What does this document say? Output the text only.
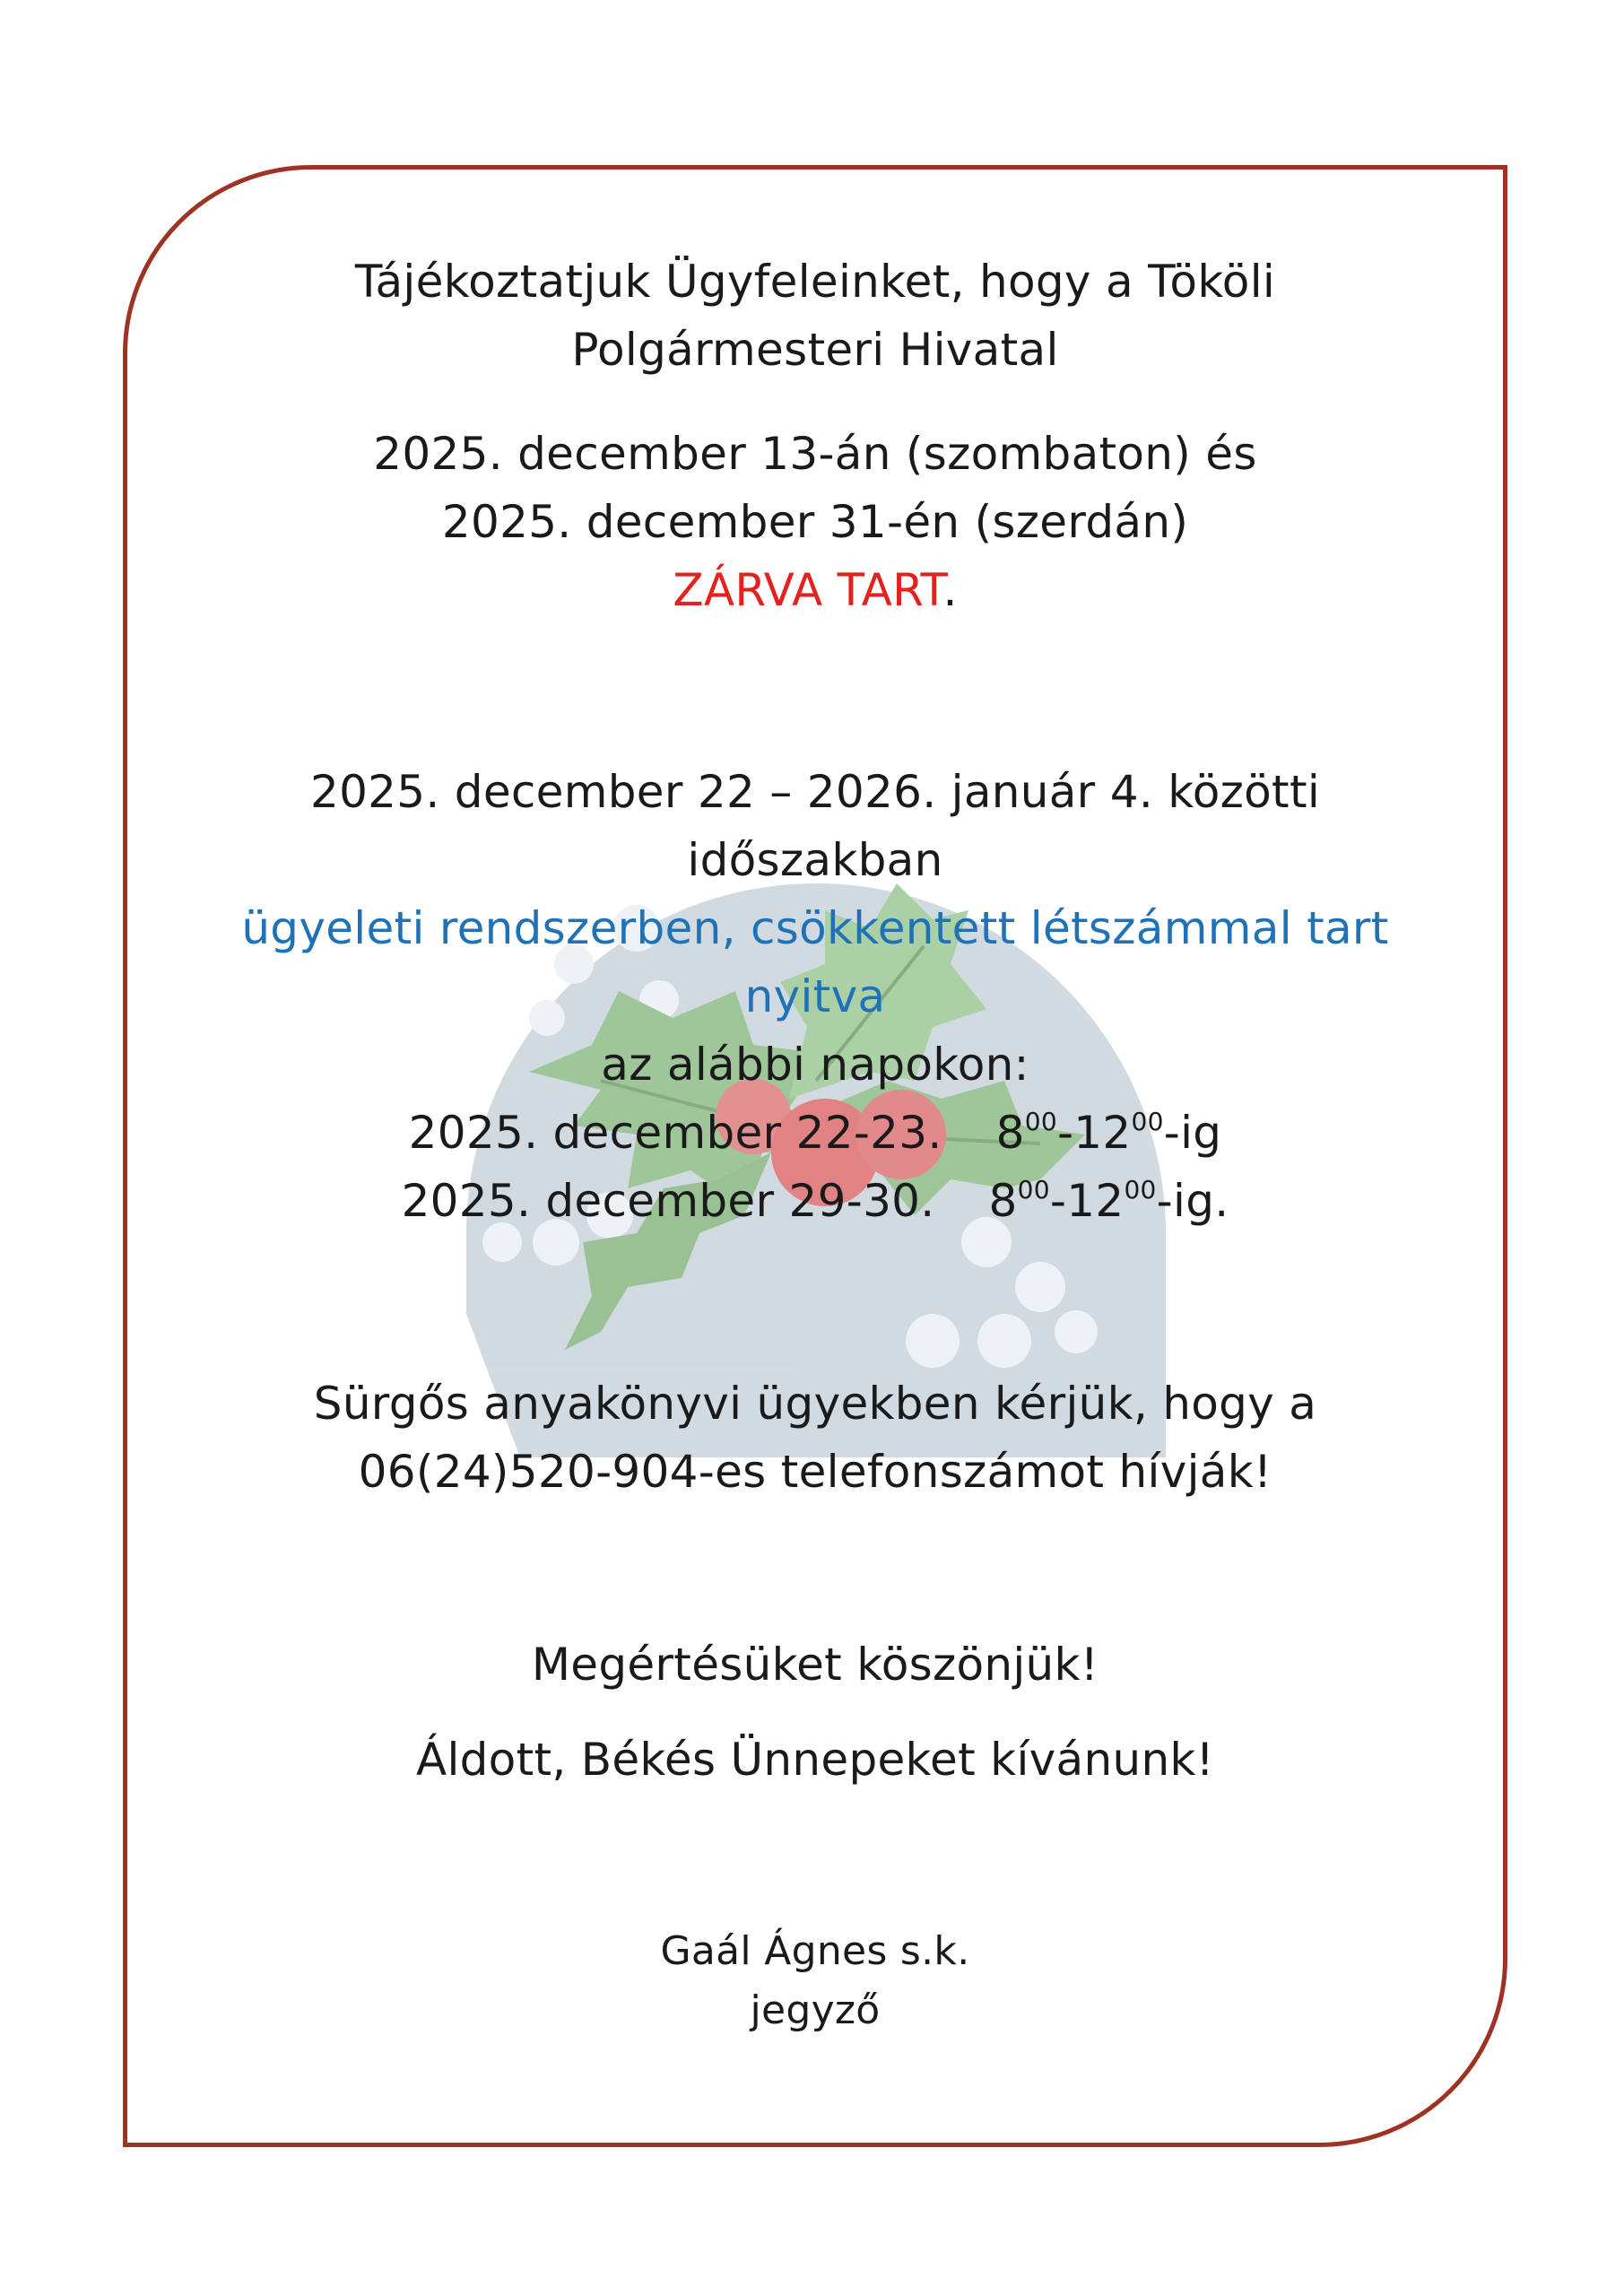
Tájékoztatjuk Ügyfeleinket, hogy a Tököli
Polgármesteri Hivatal
2025. december 13-án (szombaton) és
2025. december 31-én (szerdán)
ZÁRVA TART.
2025. december 22 – 2026. január 4. közötti
időszakban
ügyeleti rendszerben, csökkentett létszámmal tart
nyitva
az alábbi napokon:
2025. december 22-23. $8^{00}-12^{00}-ig$
2025. december 29-30. $8^{00}-12^{00}-ig$.
Sürgős anyakönyvi ügyekben kérjük, hogy a
06(24)520-904-es telefonszámot hívják!
Megértésüket köszönjük!
Áldott, Békés Ünnepeket kívánunk!
Gaál Ágnes s.k.
jegyző
